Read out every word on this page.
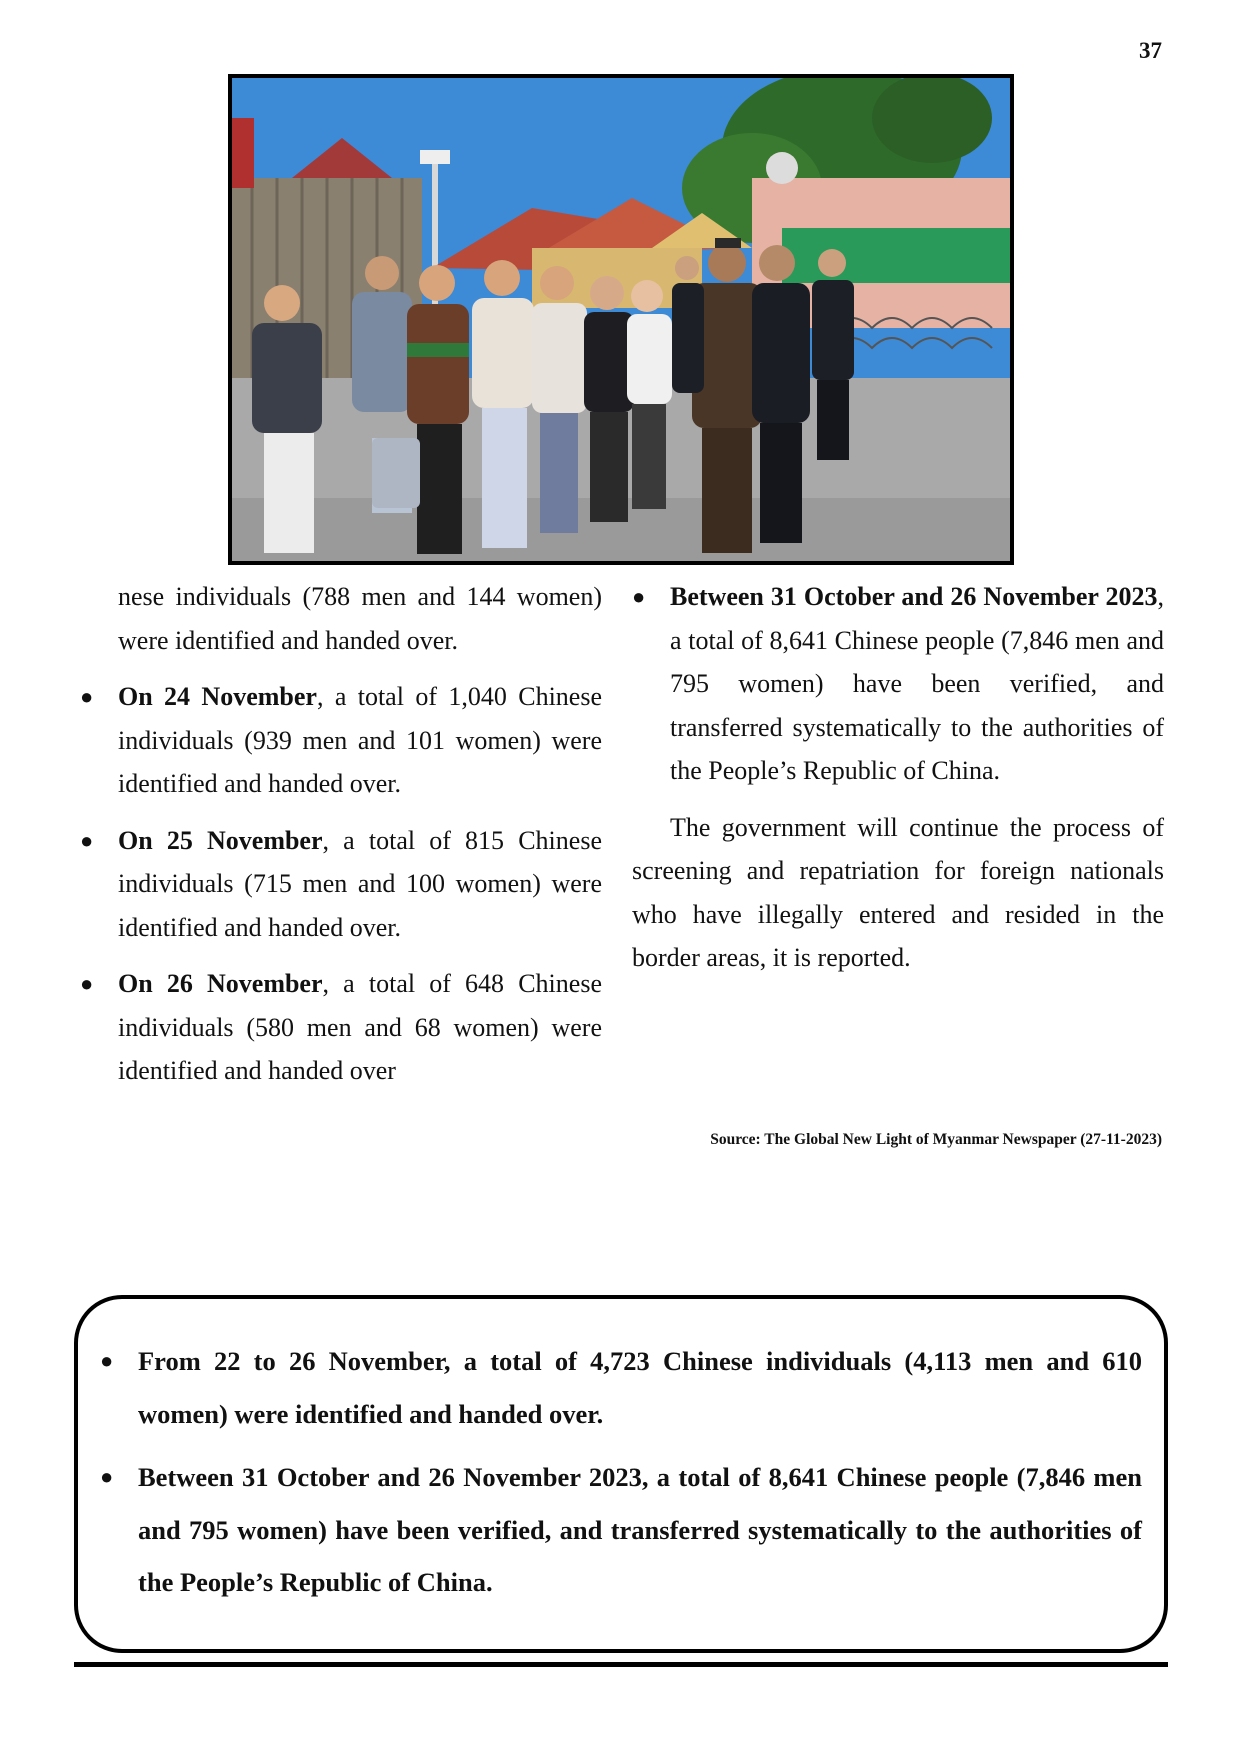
37

nese individuals (788 men and 144 women) were identified and handed over.

● On 24 November, a total of 1,040 Chinese individuals (939 men and 101 women) were identified and handed over.
● On 25 November, a total of 815 Chinese individuals (715 men and 100 women) were identified and handed over.
● On 26 November, a total of 648 Chinese individuals (580 men and 68 women) were identified and handed over
● Between 31 October and 26 November 2023, a total of 8,641 Chinese people (7,846 men and 795 women) have been verified, and transferred systematically to the authorities of the People’s Republic of China.

The government will continue the process of screening and repatriation for foreign nationals who have illegally entered and resided in the border areas, it is reported.

Source: The Global New Light of Myanmar Newspaper (27-11-2023)
● From 22 to 26 November, a total of 4,723 Chinese individuals (4,113 men and 610 women) were identified and handed over.
● Between 31 October and 26 November 2023, a total of 8,641 Chinese people (7,846 men and 795 women) have been verified, and transferred systematically to the authorities of the People’s Republic of China.
